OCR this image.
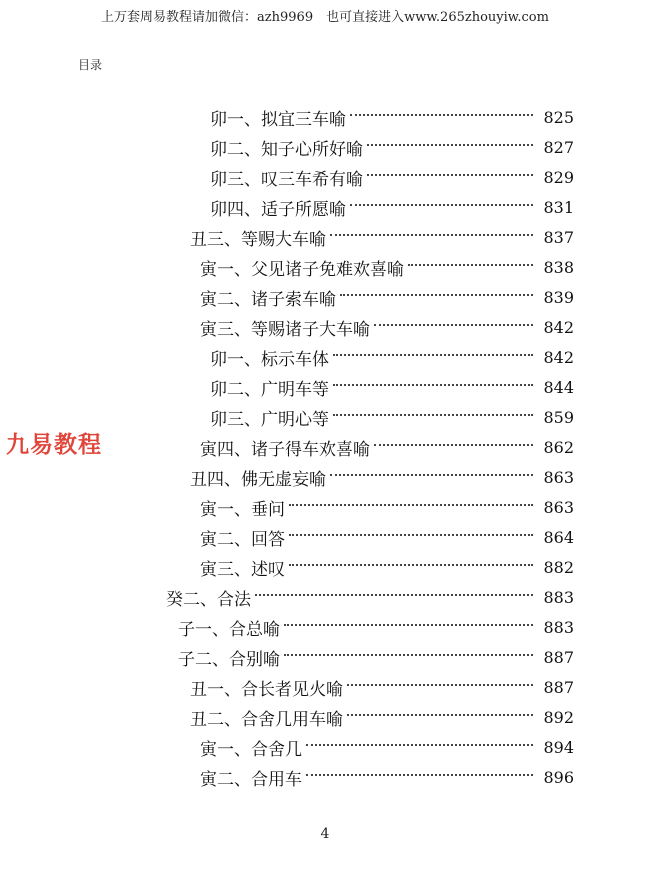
上万套周易教程请加微信：azh9969　也可直接进入www.265zhouyiw.com
目录
九易教程
卯一、拟宜三车喻	825
卯二、知子心所好喻	827
卯三、叹三车希有喻	829
卯四、适子所愿喻	831
丑三、等赐大车喻	837
寅一、父见诸子免难欢喜喻	838
寅二、诸子索车喻	839
寅三、等赐诸子大车喻	842
卯一、标示车体	842
卯二、广明车等	844
卯三、广明心等	859
寅四、诸子得车欢喜喻	862
丑四、佛无虚妄喻	863
寅一、垂问	863
寅二、回答	864
寅三、述叹	882
癸二、合法	883
子一、合总喻	883
子二、合别喻	887
丑一、合长者见火喻	887
丑二、合舍几用车喻	892
寅一、合舍几	894
寅二、合用车	896
4
